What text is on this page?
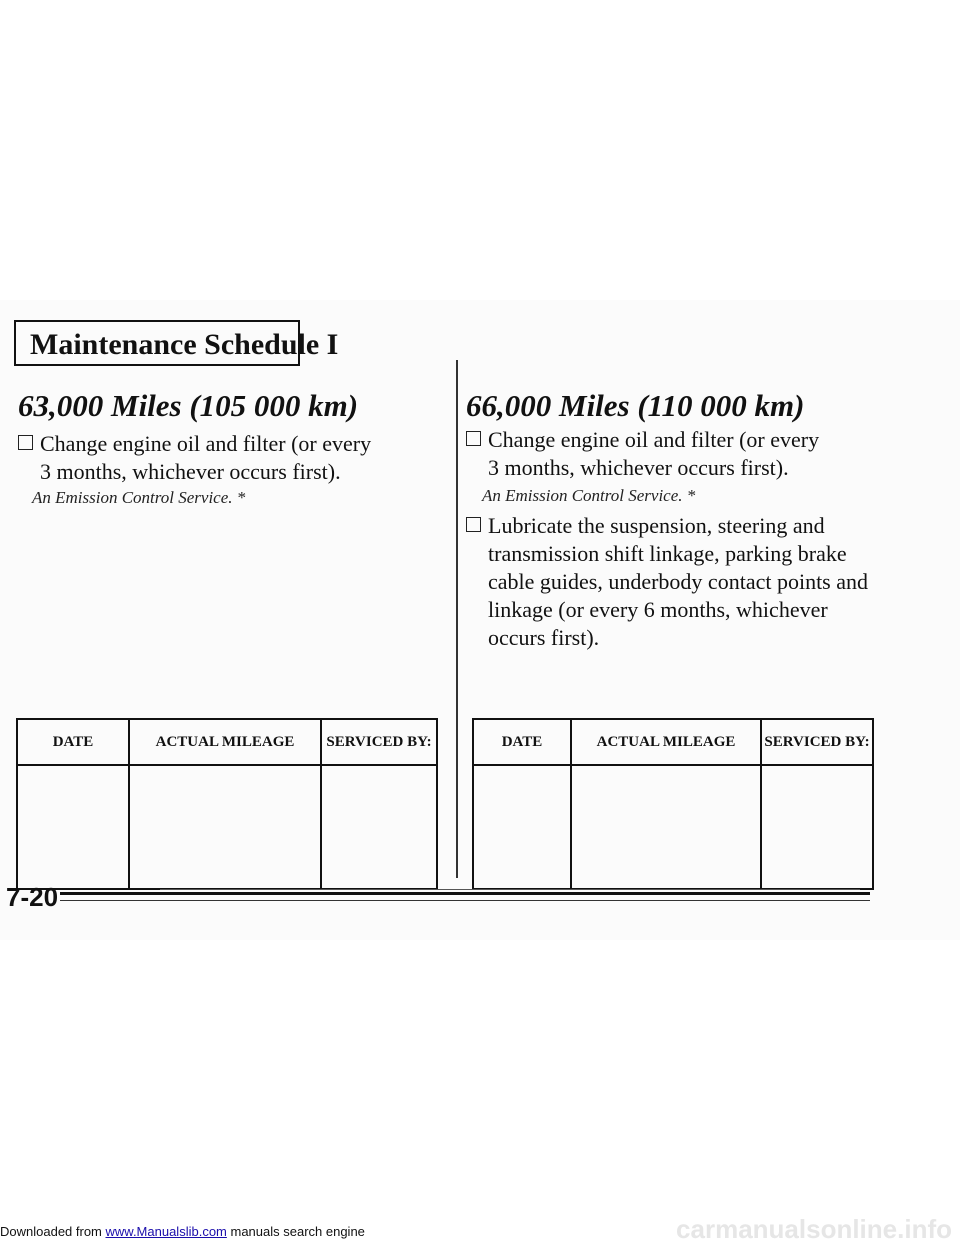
Maintenance Schedule I
63,000 Miles (105 000 km)
Change engine oil and filter (or every
3 months, whichever occurs first).
An Emission Control Service. *
DATE	ACTUAL MILEAGE	SERVICED BY:

66,000 Miles (110 000 km)
Change engine oil and filter (or every
3 months, whichever occurs first).
An Emission Control Service. *
Lubricate the suspension, steering and
transmission shift linkage, parking brake
cable guides, underbody contact points and
linkage (or every 6 months, whichever
occurs first).
DATE	ACTUAL MILEAGE	SERVICED BY:

7-20
carmanualsonline.info
Downloaded from www.Manualslib.com manuals search engine
